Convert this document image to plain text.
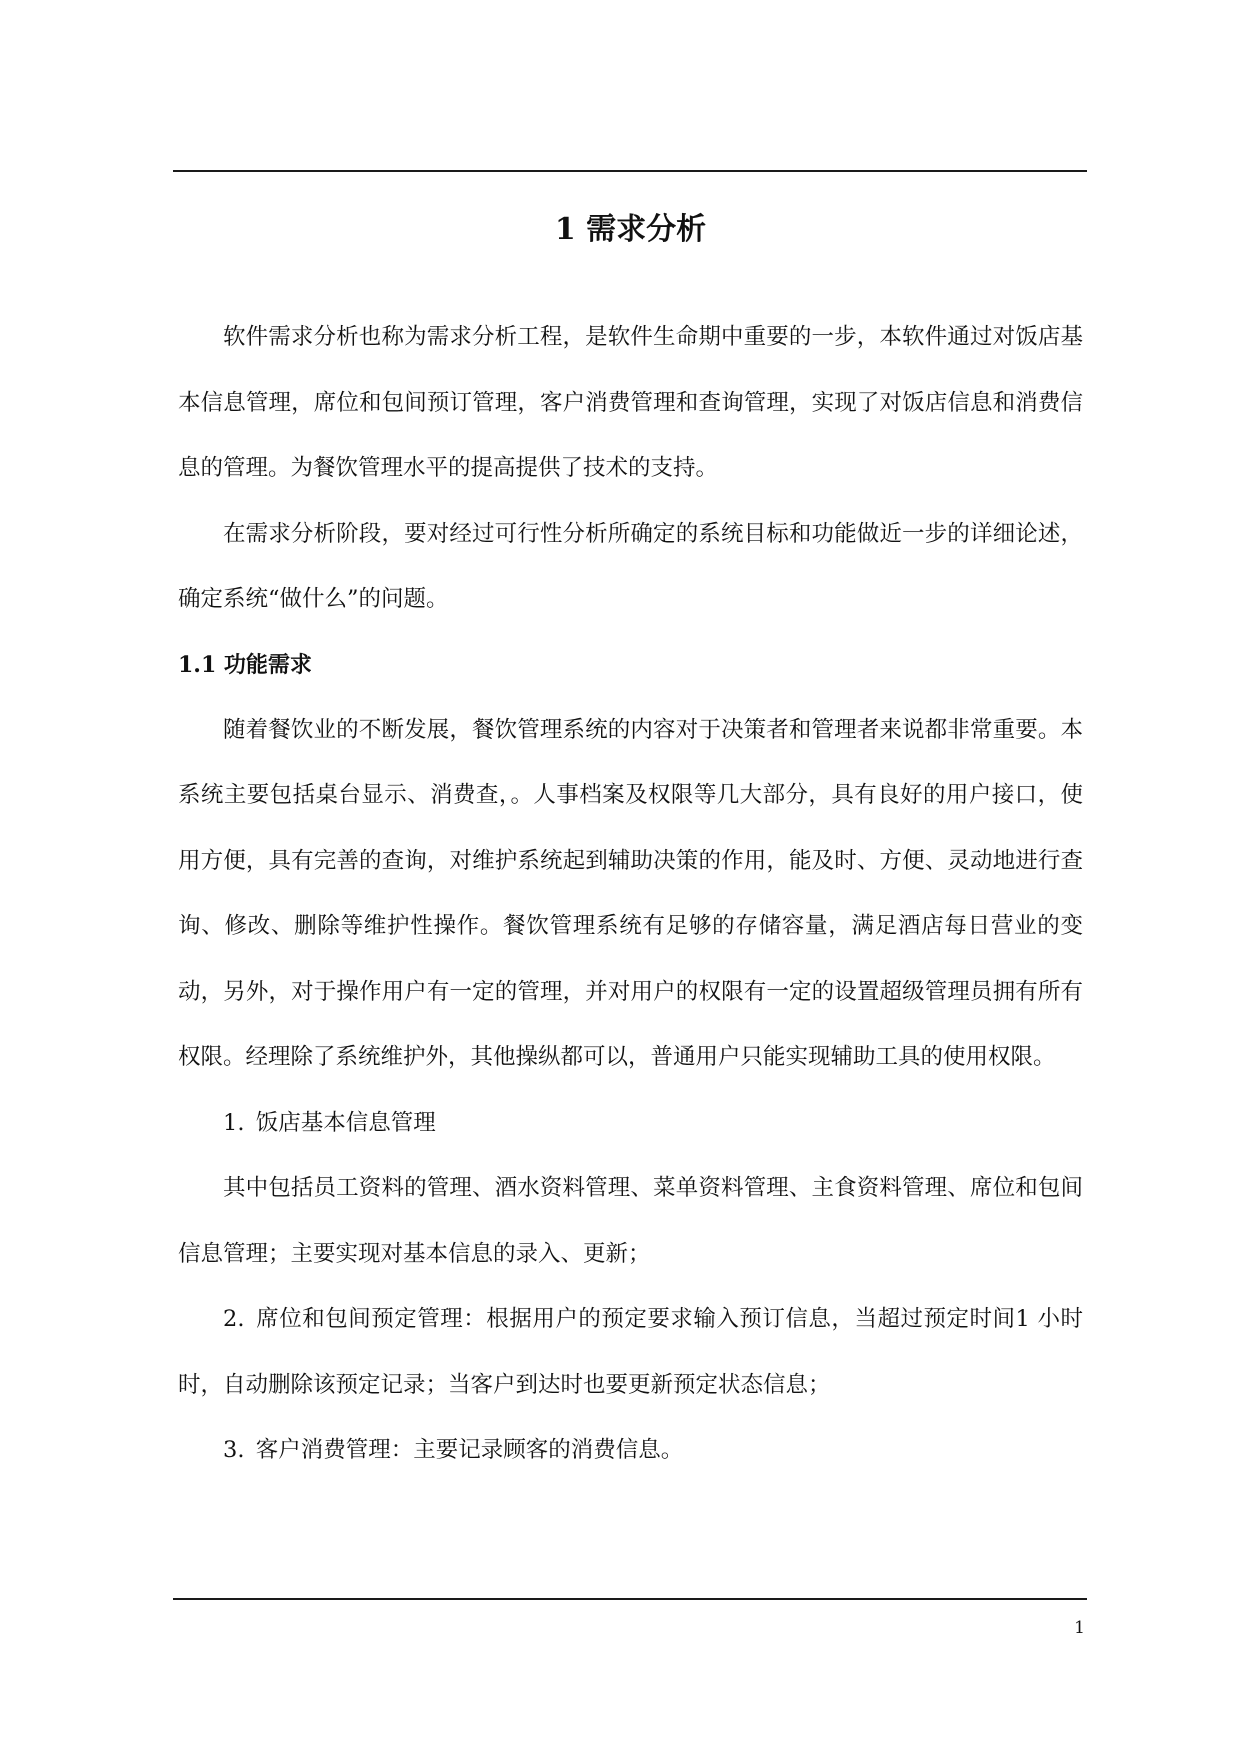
1 需求分析

软件需求分析也称为需求分析工程，是软件生命期中重要的一步，本软件通过对饭店基本信息管理，席位和包间预订管理，客户消费管理和查询管理，实现了对饭店信息和消费信息的管理。为餐饮管理水平的提高提供了技术的支持。

在需求分析阶段，要对经过可行性分析所确定的系统目标和功能做近一步的详细论述，确定系统“做什么”的问题。

1.1 功能需求

随着餐饮业的不断发展，餐饮管理系统的内容对于决策者和管理者来说都非常重要。本系统主要包括桌台显示、消费查，。人事档案及权限等几大部分，具有良好的用户接口，使用方便，具有完善的查询，对维护系统起到辅助决策的作用，能及时、方便、灵动地进行查询、修改、删除等维护性操作。餐饮管理系统有足够的存储容量，满足酒店每日营业的变动，另外，对于操作用户有一定的管理，并对用户的权限有一定的设置超级管理员拥有所有权限。经理除了系统维护外，其他操纵都可以，普通用户只能实现辅助工具的使用权限。

1. 饭店基本信息管理

其中包括员工资料的管理、酒水资料管理、菜单资料管理、主食资料管理、席位和包间信息管理；主要实现对基本信息的录入、更新；

2. 席位和包间预定管理：根据用户的预定要求输入预订信息，当超过预定时间1 小时时，自动删除该预定记录；当客户到达时也要更新预定状态信息；

3. 客户消费管理：主要记录顾客的消费信息。

1
